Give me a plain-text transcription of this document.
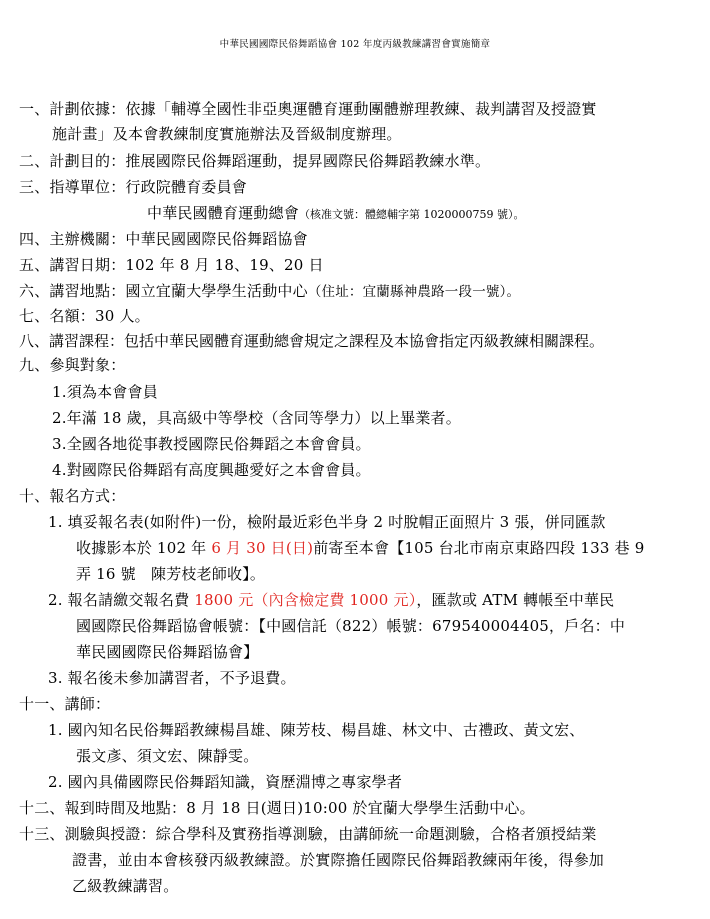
中華民國國際民俗舞蹈協會 102 年度丙級教練講習會實施簡章
一、計劃依據：依據「輔導全國性非亞奧運體育運動團體辦理教練、裁判講習及授證實
施計畫」及本會教練制度實施辦法及晉級制度辦理。
二、計劃目的：推展國際民俗舞蹈運動，提昇國際民俗舞蹈教練水準。
三、指導單位：行政院體育委員會
中華民國體育運動總會（核准文號：體總輔字第 1020000759 號）。
四、主辦機關：中華民國國際民俗舞蹈協會
五、講習日期：102 年 8 月 18、19、20 日
六、講習地點：國立宜蘭大學學生活動中心（住址：宜蘭縣神農路一段一號）。
七、名額：30 人。
八、講習課程：包括中華民國體育運動總會規定之課程及本協會指定丙級教練相關課程。
九、參與對象：
1.須為本會會員
2.年滿 18 歲，具高級中等學校（含同等學力）以上畢業者。
3.全國各地從事教授國際民俗舞蹈之本會會員。
4.對國際民俗舞蹈有高度興趣愛好之本會會員。
十、報名方式：
1. 填妥報名表(如附件)一份，檢附最近彩色半身 2 吋脫帽正面照片 3 張，併同匯款
收據影本於 102 年 6 月 30 日(日)前寄至本會【105 台北市南京東路四段 133 巷 9
弄 16 號　陳芳枝老師收】。
2. 報名請繳交報名費 1800 元（內含檢定費 1000 元），匯款或 ATM 轉帳至中華民
國國際民俗舞蹈協會帳號：【中國信託（822）帳號：679540004405，戶名：中
華民國國際民俗舞蹈協會】
3. 報名後未參加講習者，不予退費。
十一、講師：
1. 國內知名民俗舞蹈教練楊昌雄、陳芳枝、楊昌雄、林文中、古禮政、黃文宏、
張文彥、須文宏、陳靜雯。
2. 國內具備國際民俗舞蹈知識，資歷淵博之專家學者
十二、報到時間及地點：8 月 18 日(週日)10:00 於宜蘭大學學生活動中心。
十三、測驗與授證：綜合學科及實務指導測驗，由講師統一命題測驗，合格者頒授結業
證書，並由本會核發丙級教練證。於實際擔任國際民俗舞蹈教練兩年後，得參加
乙級教練講習。
